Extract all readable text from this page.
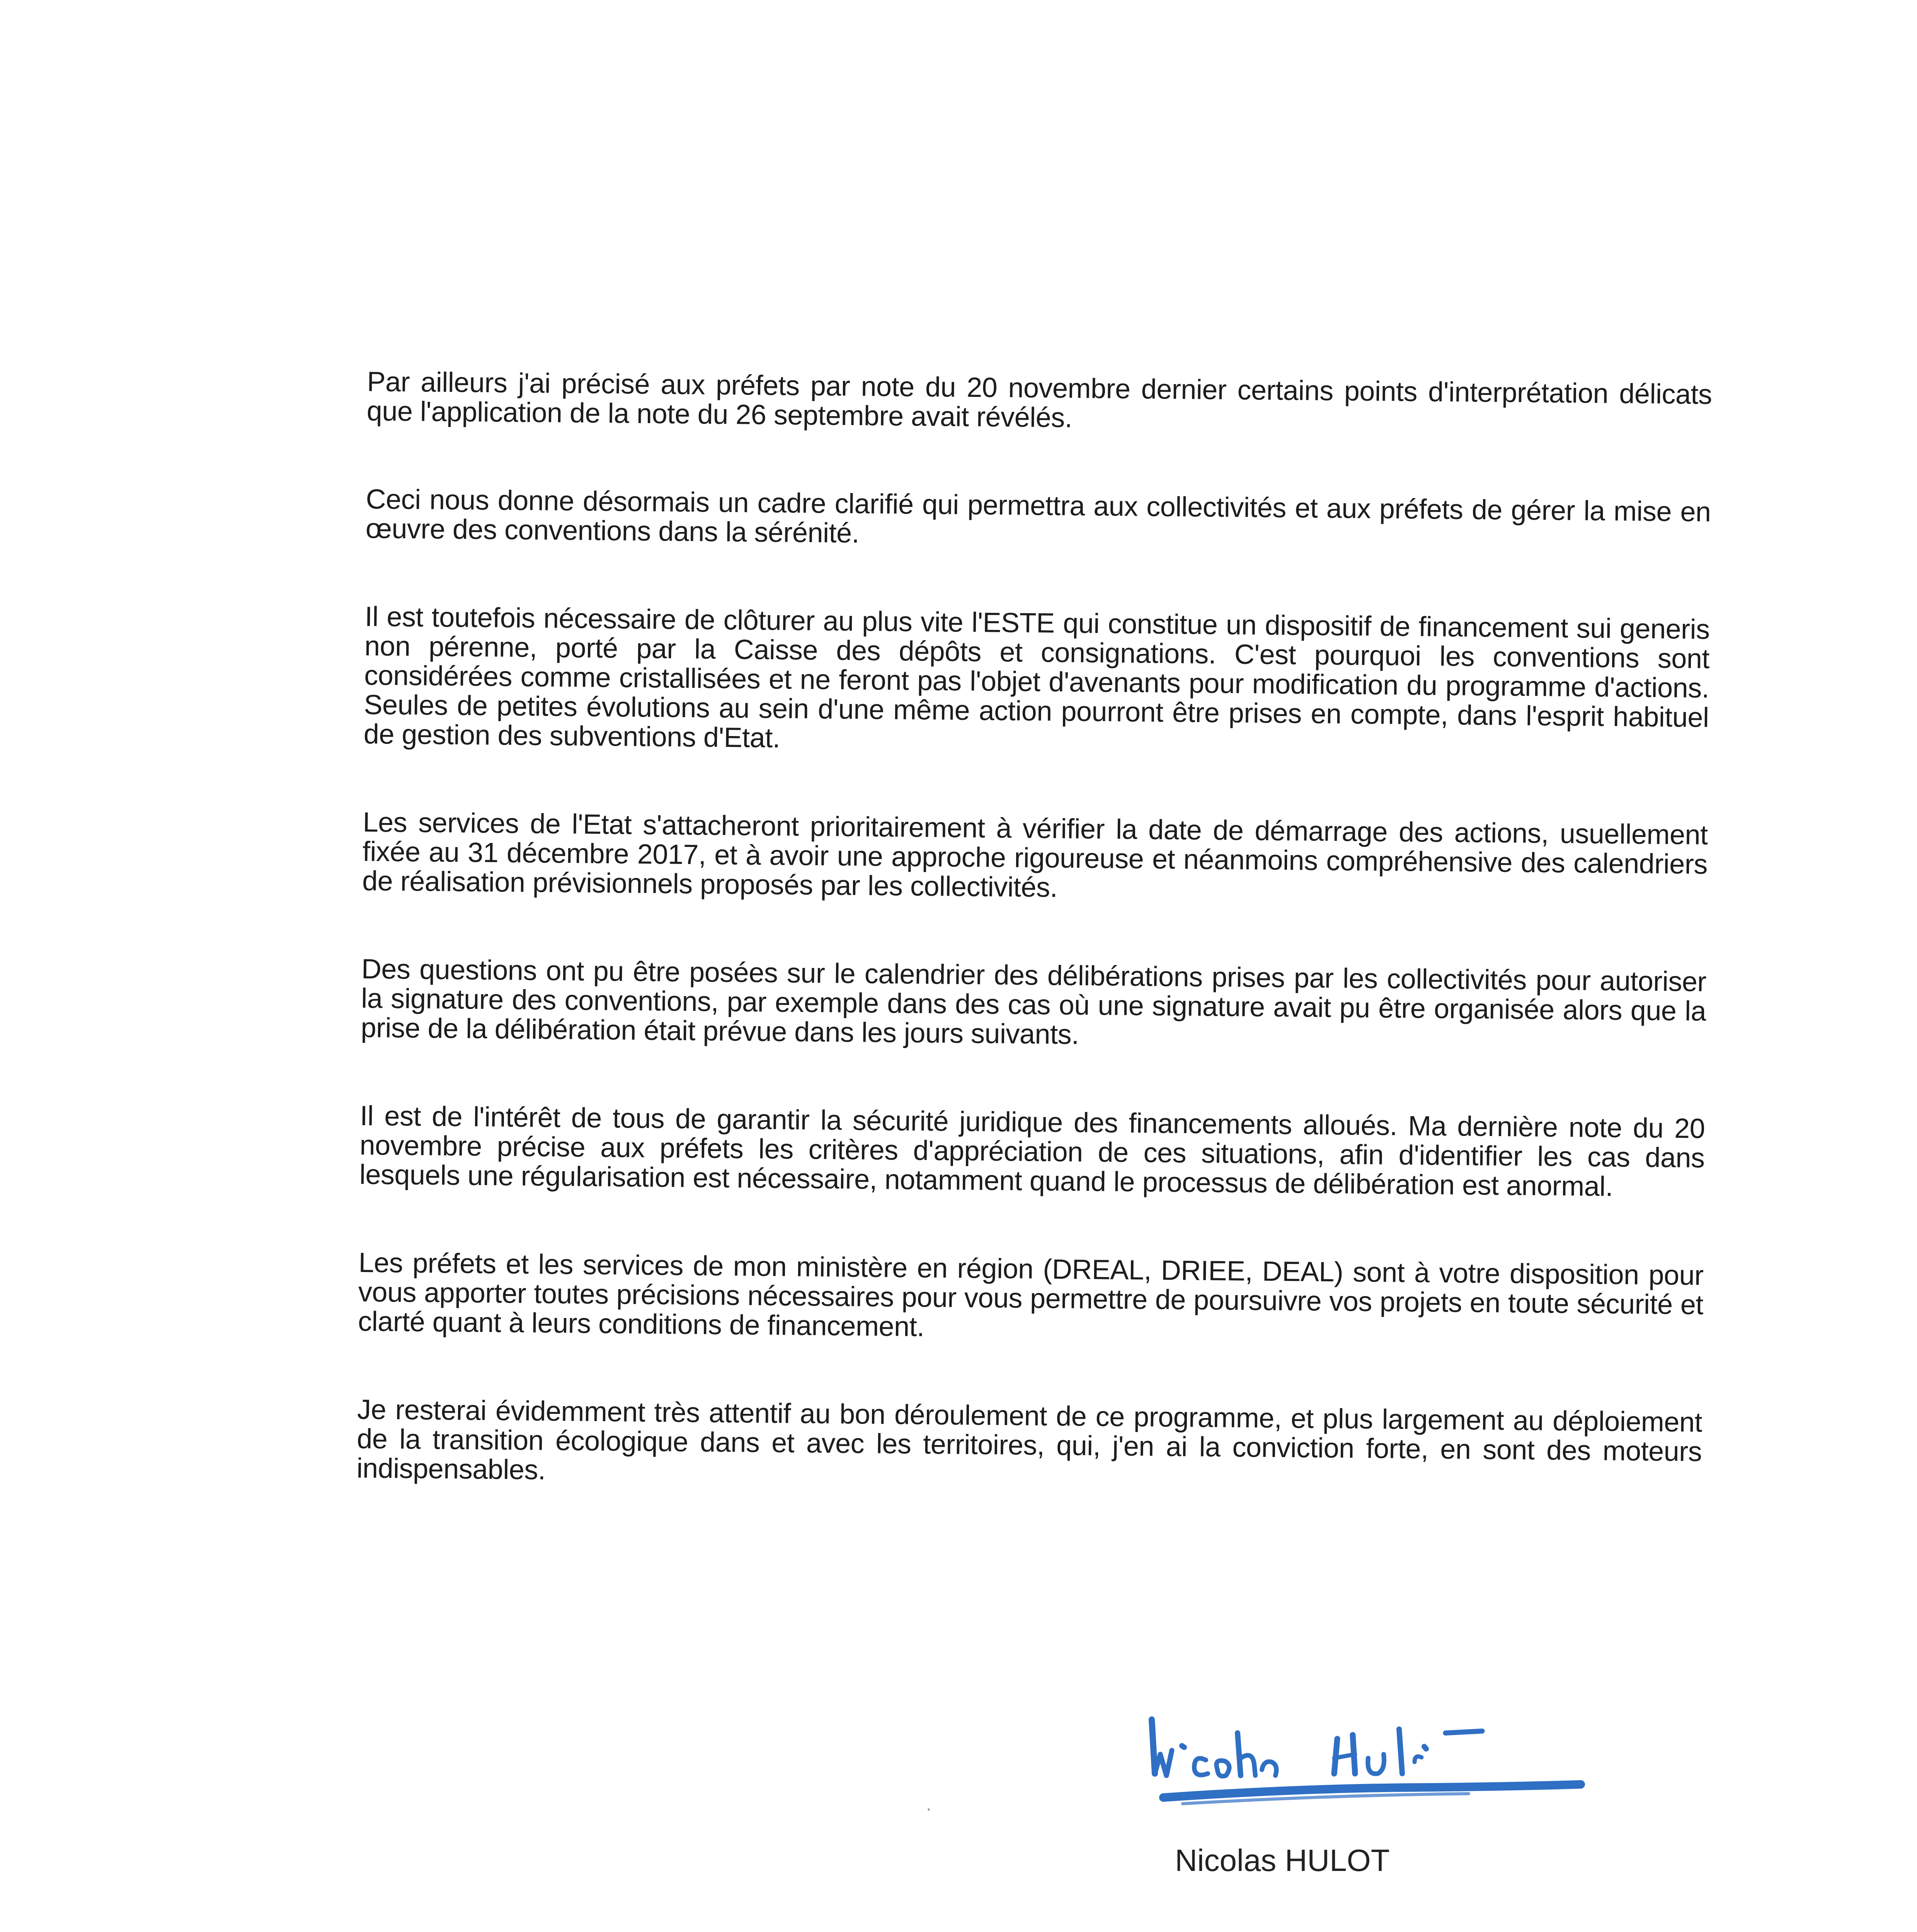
Par ailleurs j'ai précisé aux préfets par note du 20 novembre dernier certains points d'interprétation délicats que l'application de la note du 26 septembre avait révélés.

Ceci nous donne désormais un cadre clarifié qui permettra aux collectivités et aux préfets de gérer la mise en œuvre des conventions dans la sérénité.

Il est toutefois nécessaire de clôturer au plus vite l'ESTE qui constitue un dispositif de financement sui generis non pérenne, porté par la Caisse des dépôts et consignations. C'est pourquoi les conventions sont considérées comme cristallisées et ne feront pas l'objet d'avenants pour modification du programme d'actions. Seules de petites évolutions au sein d'une même action pourront être prises en compte, dans l'esprit habituel de gestion des subventions d'Etat.

Les services de l'Etat s'attacheront prioritairement à vérifier la date de démarrage des actions, usuellement fixée au 31 décembre 2017, et à avoir une approche rigoureuse et néanmoins compréhensive des calendriers de réalisation prévisionnels proposés par les collectivités.

Des questions ont pu être posées sur le calendrier des délibérations prises par les collectivités pour autoriser la signature des conventions, par exemple dans des cas où une signature avait pu être organisée alors que la prise de la délibération était prévue dans les jours suivants.

Il est de l'intérêt de tous de garantir la sécurité juridique des financements alloués. Ma dernière note du 20 novembre précise aux préfets les critères d'appréciation de ces situations, afin d'identifier les cas dans lesquels une régularisation est nécessaire, notamment quand le processus de délibération est anormal.

Les préfets et les services de mon ministère en région (DREAL, DRIEE, DEAL) sont à votre disposition pour vous apporter toutes précisions nécessaires pour vous permettre de poursuivre vos projets en toute sécurité et clarté quant à leurs conditions de financement.

Je resterai évidemment très attentif au bon déroulement de ce programme, et plus largement au déploiement de la transition écologique dans et avec les territoires, qui, j'en ai la conviction forte, en sont des moteurs indispensables.

Nicolas HULOT
